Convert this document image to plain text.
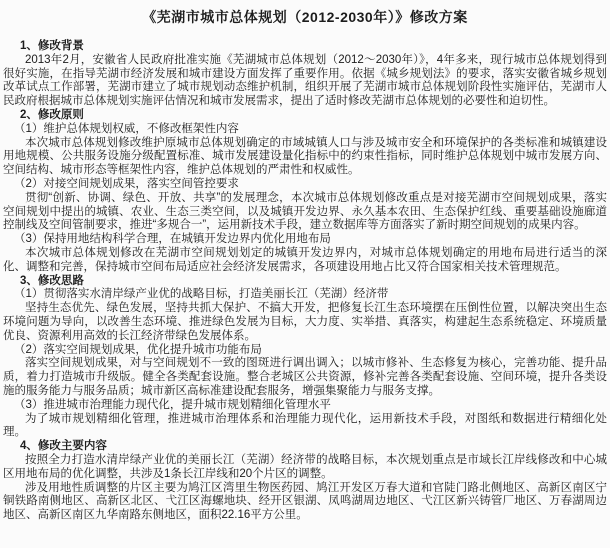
《芜湖市城市总体规划（2012-2030年）》修改方案
1、修改背景
2013年2月，安徽省人民政府批准实施《芜湖城市总体规划（2012～2030年）》，4年多来，现行城市总体规划得到很好实施，在指导芜湖市经济发展和城市建设方面发挥了重要作用。依据《城乡规划法》的要求，落实安徽省城乡规划改革试点工作部署，芜湖市建立了城市规划动态维护机制，组织开展了芜湖市城市总体规划阶段性实施评估，芜湖市人民政府根据城市总体规划实施评估情况和城市发展需求，提出了适时修改芜湖市总体规划的必要性和迫切性。
2、修改原则
（1）维护总体规划权威，不修改框架性内容
本次城市总体规划修改维护原城市总体规划确定的市域城镇人口与涉及城市安全和环境保护的各类标准和城镇建设用地规模、公共服务设施分级配置标准、城市发展建设量化指标中的约束性指标，同时维护总体规划中城市发展方向、空间结构、城市形态等框架性内容，维护总体规划的严肃性和权威性。
（2）对接空间规划成果，落实空间管控要求
贯彻“创新、协调、绿色、开放、共享”的发展理念，本次城市总体规划修改重点是对接芜湖市空间规划成果，落实空间规划中提出的城镇、农业、生态三类空间，以及城镇开发边界、永久基本农田、生态保护红线、重要基础设施廊道控制线及空间管制要求，推进“多规合一”，运用新技术手段，建立数据库等方面落实了新时期空间规划的成果内容。
（3）保持用地结构科学合理，在城镇开发边界内优化用地布局
本次城市总体规划修改在芜湖市空间规划划定的城镇开发边界内，对城市总体规划确定的用地布局进行适当的深化、调整和完善，保持城市空间布局适应社会经济发展需求，各项建设用地占比又符合国家相关技术管理规范。
3、修改思路
（1）贯彻落实水清岸绿产业优的战略目标，打造美丽长江（芜湖）经济带
坚持生态优先、绿色发展，坚持共抓大保护、不搞大开发，把修复长江生态环境摆在压倒性位置，以解决突出生态环境问题为导向，以改善生态环境、推进绿色发展为目标，大力度、实举措、真落实，构建起生态系统稳定、环境质量优良、资源利用高效的长江经济带绿色发展体系。
（2）落实空间规划成果，优化提升城市功能布局
落实空间规划成果，对与空间规划不一致的图斑进行调出调入；以城市修补、生态修复为核心，完善功能、提升品质，着力打造城市升级版。健全各类配套设施。整合老城区公共资源，修补完善各类配套设施、空间环境，提升各类设施的服务能力与服务品质；城市新区高标准建设配套服务，增强集聚能力与服务支撑。
（3）推进城市治理能力现代化，提升城市规划精细化管理水平
为了城市规划精细化管理，推进城市治理体系和治理能力现代化，运用新技术手段，对图纸和数据进行精细化处理。
4、修改主要内容
按照全力打造水清岸绿产业优的美丽长江（芜湖）经济带的战略目标，本次规划重点是市域长江岸线修改和中心城区用地布局的优化调整，共涉及1条长江岸线和20个片区的调整。
涉及用地性质调整的片区主要为鸠江区湾里生物医药园、鸠江开发区万春大道和官陡门路北侧地区、高新区南区宁铜铁路南侧地区、高新区北区、弋江区海螺地块、经开区银湖、凤鸣湖周边地区、弋江区新兴铸管厂地区、万春湖周边地区、高新区南区九华南路东侧地区，面积22.16平方公里。
